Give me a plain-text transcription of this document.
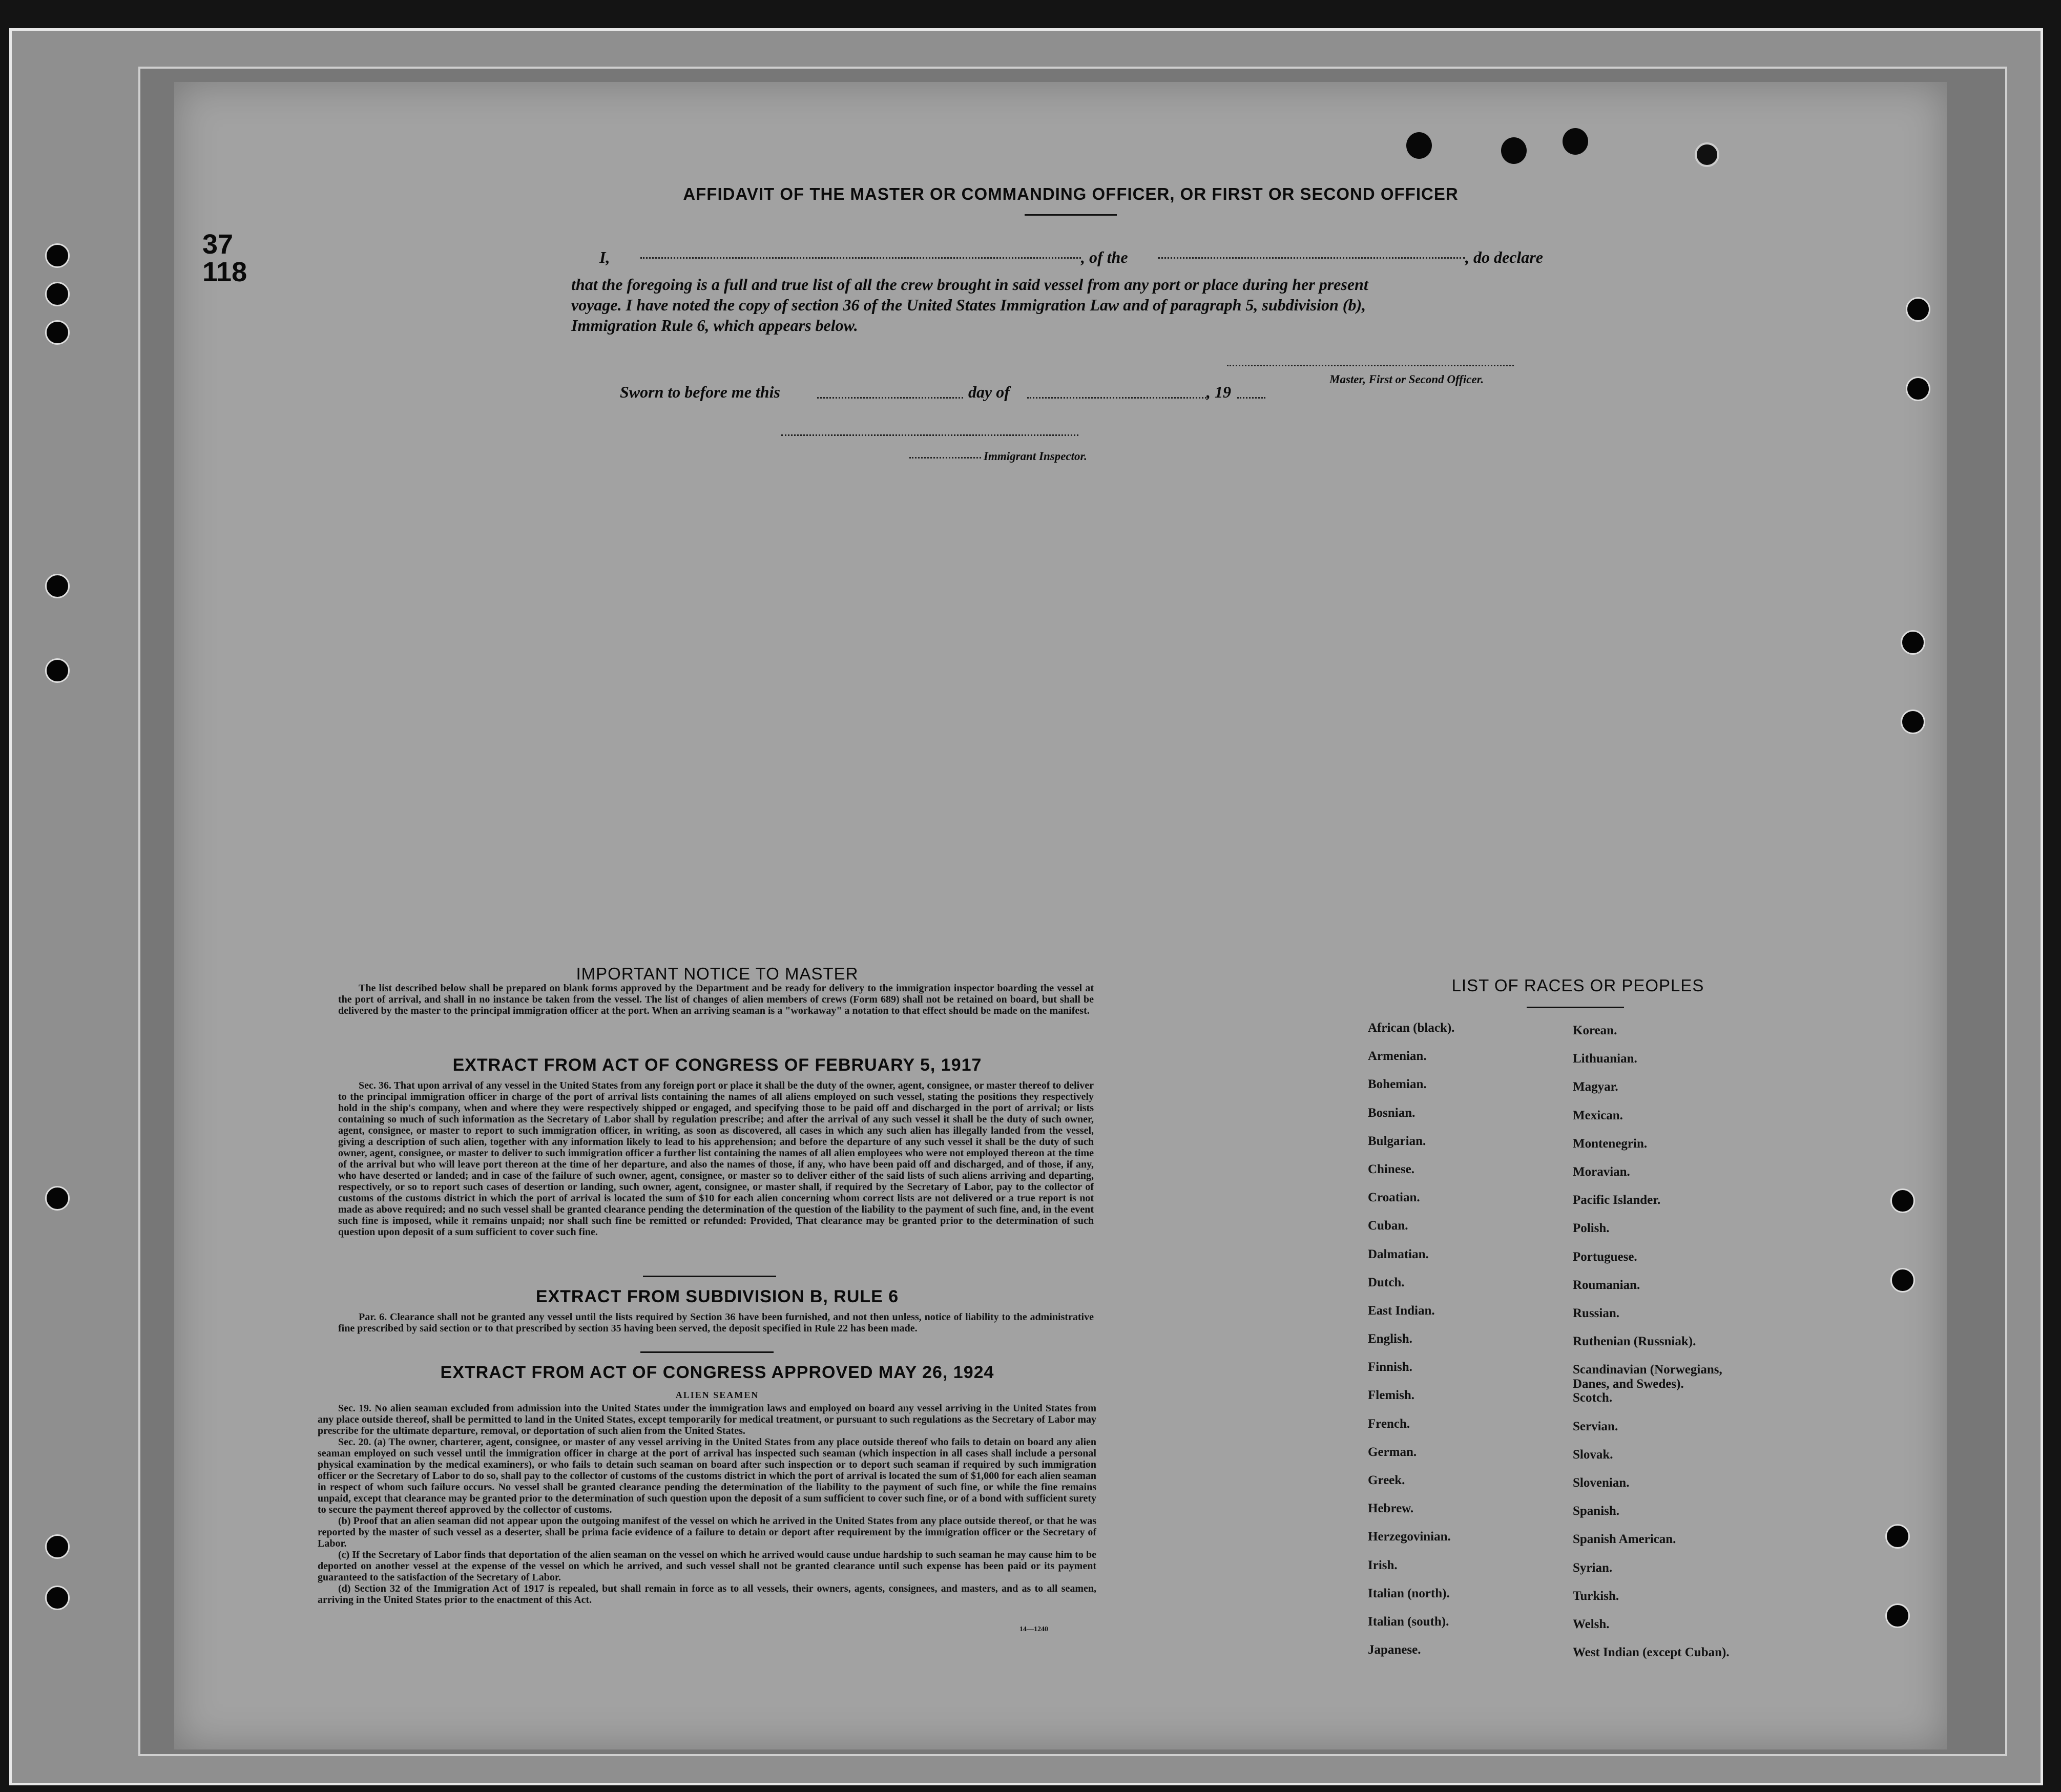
37
118
AFFIDAVIT OF THE MASTER OR COMMANDING OFFICER, OR FIRST OR SECOND OFFICER
I,	, of the	, do declare
that the foregoing is a full and true list of all the crew brought in said vessel from any port or place during her present
voyage. I have noted the copy of section 36 of the United States Immigration Law and of paragraph 5, subdivision (b),
Immigration Rule 6, which appears below.
Master, First or Second Officer.
Sworn to before me this	day of	, 19
Immigrant Inspector.
IMPORTANT NOTICE TO MASTER

The list described below shall be prepared on blank forms approved by the Department and be ready for delivery to the immigration inspector boarding the vessel at the port of arrival, and shall in no instance be taken from the vessel. The list of changes of alien members of crews (Form 689) shall not be retained on board, but shall be delivered by the master to the principal immigration officer at the port. When an arriving seaman is a "workaway" a notation to that effect should be made on the manifest.

EXTRACT FROM ACT OF CONGRESS OF FEBRUARY 5, 1917

Sec. 36. That upon arrival of any vessel in the United States from any foreign port or place it shall be the duty of the owner, agent, consignee, or master thereof to deliver to the principal immigration officer in charge of the port of arrival lists containing the names of all aliens employed on such vessel, stating the positions they respectively hold in the ship's company, when and where they were respectively shipped or engaged, and specifying those to be paid off and discharged in the port of arrival; or lists containing so much of such information as the Secretary of Labor shall by regulation prescribe; and after the arrival of any such vessel it shall be the duty of such owner, agent, consignee, or master to report to such immigration officer, in writing, as soon as discovered, all cases in which any such alien has illegally landed from the vessel, giving a description of such alien, together with any information likely to lead to his apprehension; and before the departure of any such vessel it shall be the duty of such owner, agent, consignee, or master to deliver to such immigration officer a further list containing the names of all alien employees who were not employed thereon at the time of the arrival but who will leave port thereon at the time of her departure, and also the names of those, if any, who have been paid off and discharged, and of those, if any, who have deserted or landed; and in case of the failure of such owner, agent, consignee, or master so to deliver either of the said lists of such aliens arriving and departing, respectively, or so to report such cases of desertion or landing, such owner, agent, consignee, or master shall, if required by the Secretary of Labor, pay to the collector of customs of the customs district in which the port of arrival is located the sum of $10 for each alien concerning whom correct lists are not delivered or a true report is not made as above required; and no such vessel shall be granted clearance pending the determination of the question of the liability to the payment of such fine, and, in the event such fine is imposed, while it remains unpaid; nor shall such fine be remitted or refunded: Provided, That clearance may be granted prior to the determination of such question upon deposit of a sum sufficient to cover such fine.

EXTRACT FROM SUBDIVISION B, RULE 6

Par. 6. Clearance shall not be granted any vessel until the lists required by Section 36 have been furnished, and not then unless, notice of liability to the administrative fine prescribed by said section or to that prescribed by section 35 having been served, the deposit specified in Rule 22 has been made.

EXTRACT FROM ACT OF CONGRESS APPROVED MAY 26, 1924
ALIEN SEAMEN

Sec. 19. No alien seaman excluded from admission into the United States under the immigration laws and employed on board any vessel arriving in the United States from any place outside thereof, shall be permitted to land in the United States, except temporarily for medical treatment, or pursuant to such regulations as the Secretary of Labor may prescribe for the ultimate departure, removal, or deportation of such alien from the United States.

Sec. 20. (a) The owner, charterer, agent, consignee, or master of any vessel arriving in the United States from any place outside thereof who fails to detain on board any alien seaman employed on such vessel until the immigration officer in charge at the port of arrival has inspected such seaman (which inspection in all cases shall include a personal physical examination by the medical examiners), or who fails to detain such seaman on board after such inspection or to deport such seaman if required by such immigration officer or the Secretary of Labor to do so, shall pay to the collector of customs of the customs district in which the port of arrival is located the sum of $1,000 for each alien seaman in respect of whom such failure occurs. No vessel shall be granted clearance pending the determination of the liability to the payment of such fine, or while the fine remains unpaid, except that clearance may be granted prior to the determination of such question upon the deposit of a sum sufficient to cover such fine, or of a bond with sufficient surety to secure the payment thereof approved by the collector of customs.

(b) Proof that an alien seaman did not appear upon the outgoing manifest of the vessel on which he arrived in the United States from any place outside thereof, or that he was reported by the master of such vessel as a deserter, shall be prima facie evidence of a failure to detain or deport after requirement by the immigration officer or the Secretary of Labor.

(c) If the Secretary of Labor finds that deportation of the alien seaman on the vessel on which he arrived would cause undue hardship to such seaman he may cause him to be deported on another vessel at the expense of the vessel on which he arrived, and such vessel shall not be granted clearance until such expense has been paid or its payment guaranteed to the satisfaction of the Secretary of Labor.

(d) Section 32 of the Immigration Act of 1917 is repealed, but shall remain in force as to all vessels, their owners, agents, consignees, and masters, and as to all seamen, arriving in the United States prior to the enactment of this Act.

14—1240
LIST OF RACES OR PEOPLES
African (black).
Armenian.
Bohemian.
Bosnian.
Bulgarian.
Chinese.
Croatian.
Cuban.
Dalmatian.
Dutch.
East Indian.
English.
Finnish.
Flemish.
French.
German.
Greek.
Hebrew.
Herzegovinian.
Irish.
Italian (north).
Italian (south).
Japanese.
Korean.
Lithuanian.
Magyar.
Mexican.
Montenegrin.
Moravian.
Pacific Islander.
Polish.
Portuguese.
Roumanian.
Russian.
Ruthenian (Russniak).
Scandinavian (Norwegians, Danes, and Swedes).
Scotch.
Servian.
Slovak.
Slovenian.
Spanish.
Spanish American.
Syrian.
Turkish.
Welsh.
West Indian (except Cuban).
